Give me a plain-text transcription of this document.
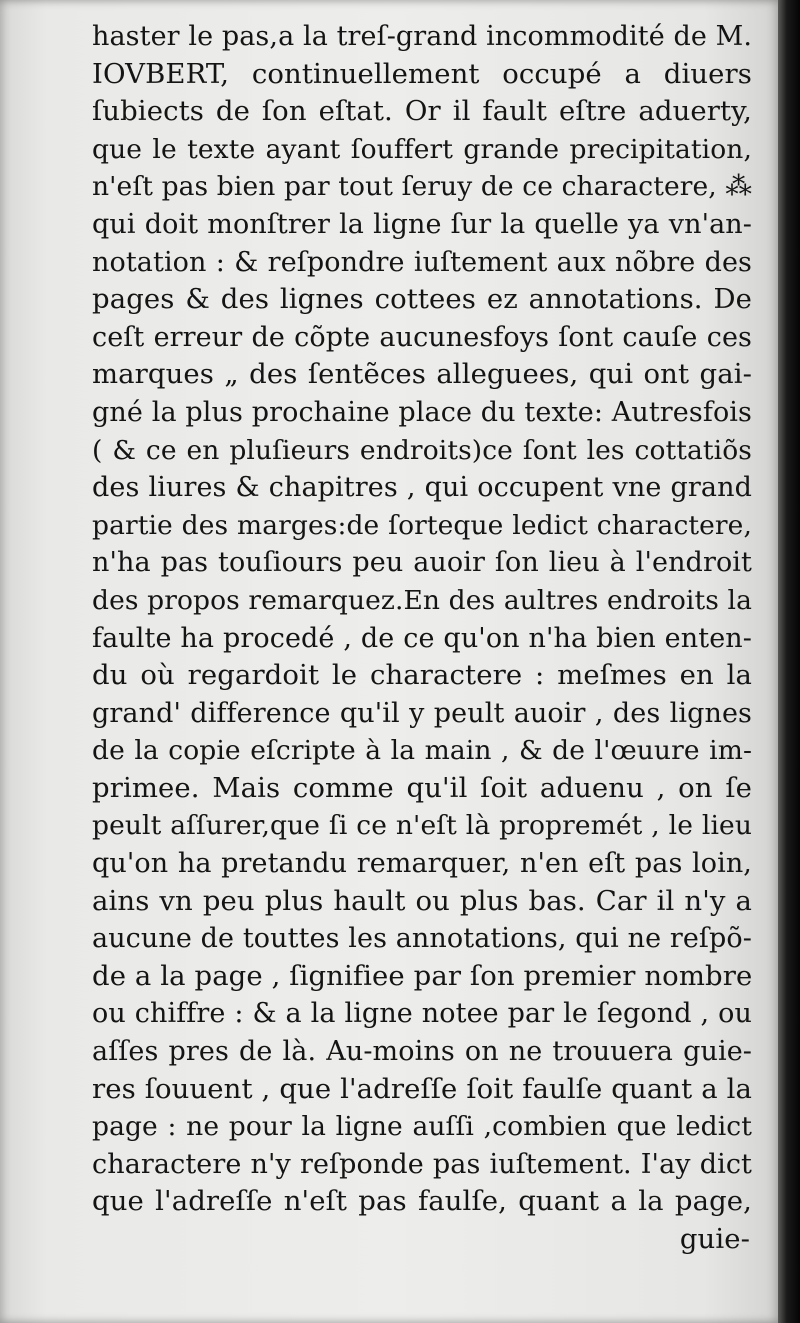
haster le pas,a la treſ-grand incommodité de M.
IOVBERT, continuellement occupé a diuers
ſubiects de ſon eſtat. Or il fault eſtre aduerty,
que le texte ayant ſouffert grande precipitation,
n'eſt pas bien par tout ſeruy de ce charactere, ⁂
qui doit monſtrer la ligne ſur la quelle ya vn'an-
notation : & reſpondre iuſtement aux nõbre des
pages & des lignes cottees ez annotations. De
ceſt erreur de cõpte aucunesfoys ſont cauſe ces
marques „ des ſentẽces alleguees, qui ont gai-
gné la plus prochaine place du texte: Autresfois
( & ce en pluſieurs endroits)ce ſont les cottatiõs
des liures & chapitres , qui occupent vne grand
partie des marges:de ſorteque ledict charactere,
n'ha pas touſiours peu auoir ſon lieu à l'endroit
des propos remarquez.En des aultres endroits la
faulte ha procedé , de ce qu'on n'ha bien enten-
du où regardoit le charactere : meſmes en la
grand' difference qu'il y peult auoir , des lignes
de la copie eſcripte à la main , & de l'œuure im-
primee. Mais comme qu'il ſoit aduenu , on ſe
peult aſſurer,que ſi ce n'eſt là propremét , le lieu
qu'on ha pretandu remarquer, n'en eſt pas loin,
ains vn peu plus hault ou plus bas. Car il n'y a
aucune de touttes les annotations, qui ne reſpõ-
de a la page , ſignifiee par ſon premier nombre
ou chiffre : & a la ligne notee par le ſegond , ou
aſſes pres de là. Au-moins on ne trouuera guie-
res ſouuent , que l'adreſſe ſoit faulſe quant a la
page : ne pour la ligne auſſi ,combien que ledict
charactere n'y reſponde pas iuſtement. I'ay dict
que l'adreſſe n'eſt pas faulſe, quant a la page,
guie-
